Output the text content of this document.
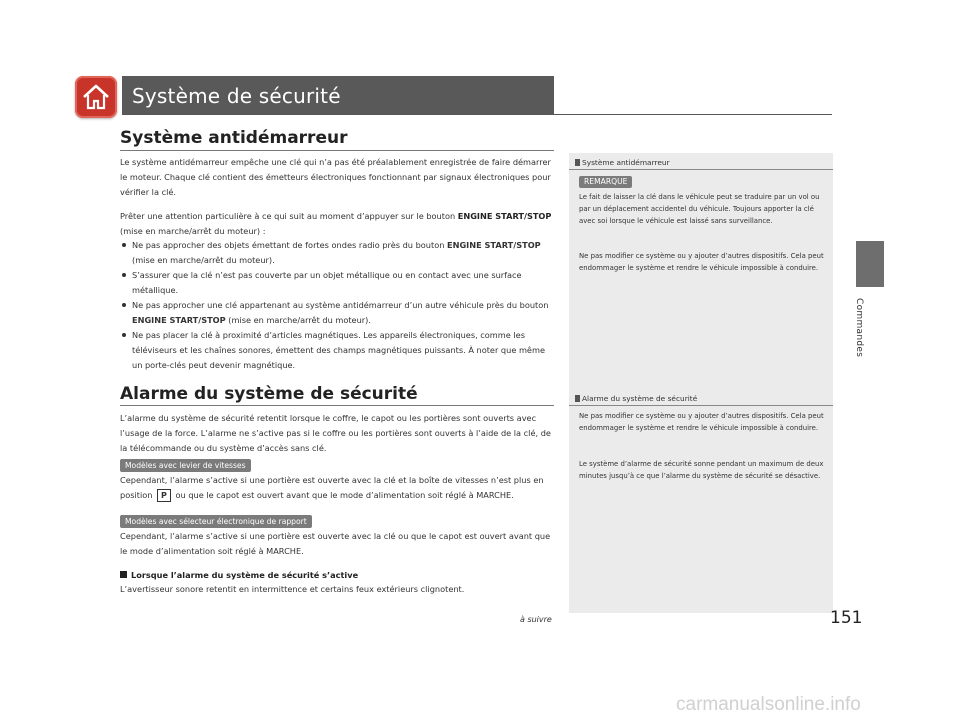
Système de sécurité
Commandes
Système antidémarreur

Le système antidémarreur empêche une clé qui n’a pas été préalablement enregistrée de faire démarrer le moteur. Chaque clé contient des émetteurs électroniques fonctionnant par signaux électroniques pour vérifier la clé.

Prêter une attention particulière à ce qui suit au moment d’appuyer sur le bouton ENGINE START/STOP (mise en marche/arrêt du moteur) :

Ne pas approcher des objets émettant de fortes ondes radio près du bouton ENGINE START/STOP (mise en marche/arrêt du moteur).
S’assurer que la clé n’est pas couverte par un objet métallique ou en contact avec une surface métallique.
Ne pas approcher une clé appartenant au système antidémarreur d’un autre véhicule près du bouton ENGINE START/STOP (mise en marche/arrêt du moteur).
Ne pas placer la clé à proximité d’articles magnétiques. Les appareils électroniques, comme les téléviseurs et les chaînes sonores, émettent des champs magnétiques puissants. À noter que même un porte-clés peut devenir magnétique.
Alarme du système de sécurité

L’alarme du système de sécurité retentit lorsque le coffre, le capot ou les portières sont ouverts avec l’usage de la force. L’alarme ne s’active pas si le coffre ou les portières sont ouverts à l’aide de la clé, de la télécommande ou du système d’accès sans clé.

Modèles avec levier de vitesses

Cependant, l’alarme s’active si une portière est ouverte avec la clé et la boîte de vitesses n’est plus en position P ou que le capot est ouvert avant que le mode d’alimentation soit réglé à MARCHE.

Modèles avec sélecteur électronique de rapport

Cependant, l’alarme s’active si une portière est ouverte avec la clé ou que le capot est ouvert avant que le mode d’alimentation soit réglé à MARCHE.

Lorsque l’alarme du système de sécurité s’active

L’avertisseur sonore retentit en intermittence et certains feux extérieurs clignotent.

Système antidémarreur
REMARQUE

Le fait de laisser la clé dans le véhicule peut se traduire par un vol ou par un déplacement accidentel du véhicule. Toujours apporter la clé avec soi lorsque le véhicule est laissé sans surveillance.

Ne pas modifier ce système ou y ajouter d’autres dispositifs. Cela peut endommager le système et rendre le véhicule impossible à conduire.

Alarme du système de sécurité

Ne pas modifier ce système ou y ajouter d’autres dispositifs. Cela peut endommager le système et rendre le véhicule impossible à conduire.

Le système d’alarme de sécurité sonne pendant un maximum de deux minutes jusqu’à ce que l’alarme du système de sécurité se désactive.

à suivre	151
carmanualsonline.info
